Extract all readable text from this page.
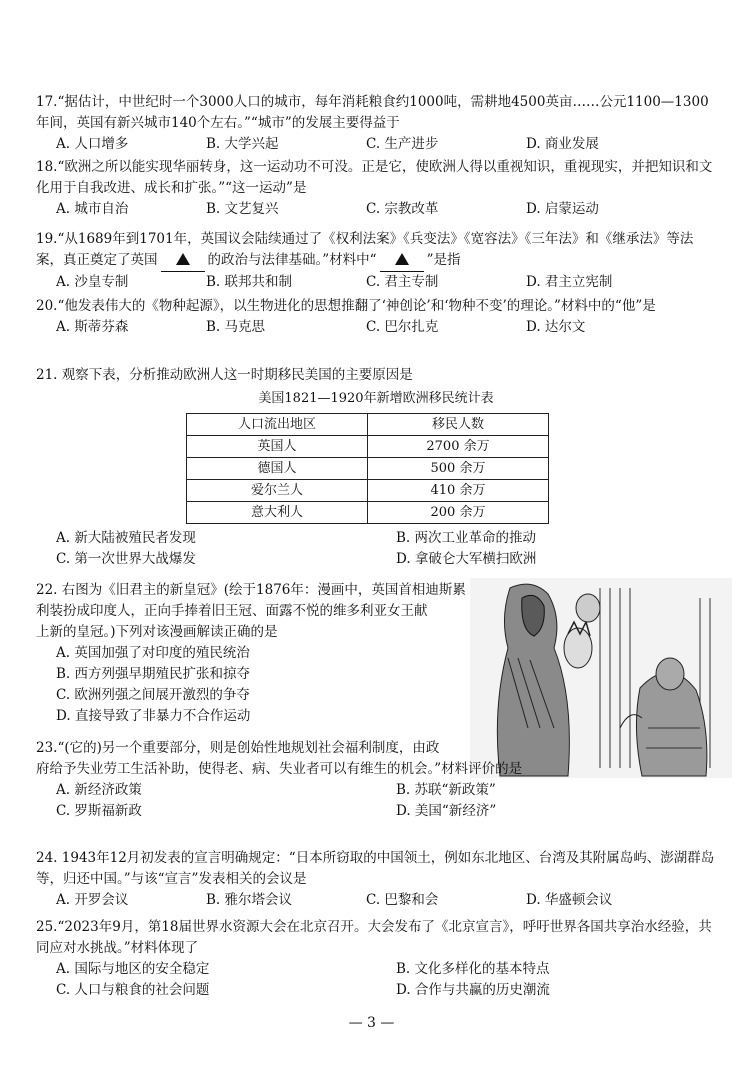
17.“据估计，中世纪时一个3000人口的城市，每年消耗粮食约1000吨，需耕地4500英亩……公元1100—1300年间，英国有新兴城市140个左右。”“城市”的发展主要得益于

A. 人口增多	B. 大学兴起	C. 生产进步	D. 商业发展

18.“欧洲之所以能实现华丽转身，这一运动功不可没。正是它，使欧洲人得以重视知识，重视现实，并把知识和文化用于自我改进、成长和扩张。”“这一运动”是

A. 城市自治	B. 文艺复兴	C. 宗教改革	D. 启蒙运动

19.“从1689年到1701年，英国议会陆续通过了《权利法案》《兵变法》《宽容法》《三年法》和《继承法》等法案，真正奠定了英国	的政治与法律基础。”材料中“	”是指

A. 沙皇专制	B. 联邦共和制	C. 君主专制	D. 君主立宪制

20.“他发表伟大的《物种起源》，以生物进化的思想推翻了‘神创论’和‘物种不变’的理论。”材料中的“他”是

A. 斯蒂芬森	B. 马克思	C. 巴尔扎克	D. 达尔文

21. 观察下表，分析推动欧洲人这一时期移民美国的主要原因是

美国1821—1920年新增欧洲移民统计表

人口流出地区	移民人数
英国人	2700 余万
德国人	500 余万
爱尔兰人	410 余万
意大利人	200 余万
A. 新大陆被殖民者发现	B. 两次工业革命的推动
C. 第一次世界大战爆发	D. 拿破仑大军横扫欧洲
22. 右图为《旧君主的新皇冠》(绘于1876年：漫画中，英国首相迪斯累
利装扮成印度人，正向手捧着旧王冠、面露不悦的维多利亚女王献
上新的皇冠。)下列对该漫画解读正确的是
A. 英国加强了对印度的殖民统治
B. 西方列强早期殖民扩张和掠夺
C. 欧洲列强之间展开激烈的争夺
D. 直接导致了非暴力不合作运动
23.“(它的)另一个重要部分，则是创始性地规划社会福利制度，由政
府给予失业劳工生活补助，使得老、病、失业者可以有维生的机会。”材料评价的是
A. 新经济政策	B. 苏联“新政策”
C. 罗斯福新政	D. 美国“新经济”

24. 1943年12月初发表的宣言明确规定：“日本所窃取的中国领土，例如东北地区、台湾及其附属岛屿、澎湖群岛等，归还中国。”与该“宣言”发表相关的会议是

A. 开罗会议	B. 雅尔塔会议	C. 巴黎和会	D. 华盛顿会议

25.“2023年9月，第18届世界水资源大会在北京召开。大会发布了《北京宣言》，呼吁世界各国共享治水经验，共同应对水挑战。”材料体现了

A. 国际与地区的安全稳定	B. 文化多样化的基本特点
C. 人口与粮食的社会问题	D. 合作与共赢的历史潮流
— 3 —
